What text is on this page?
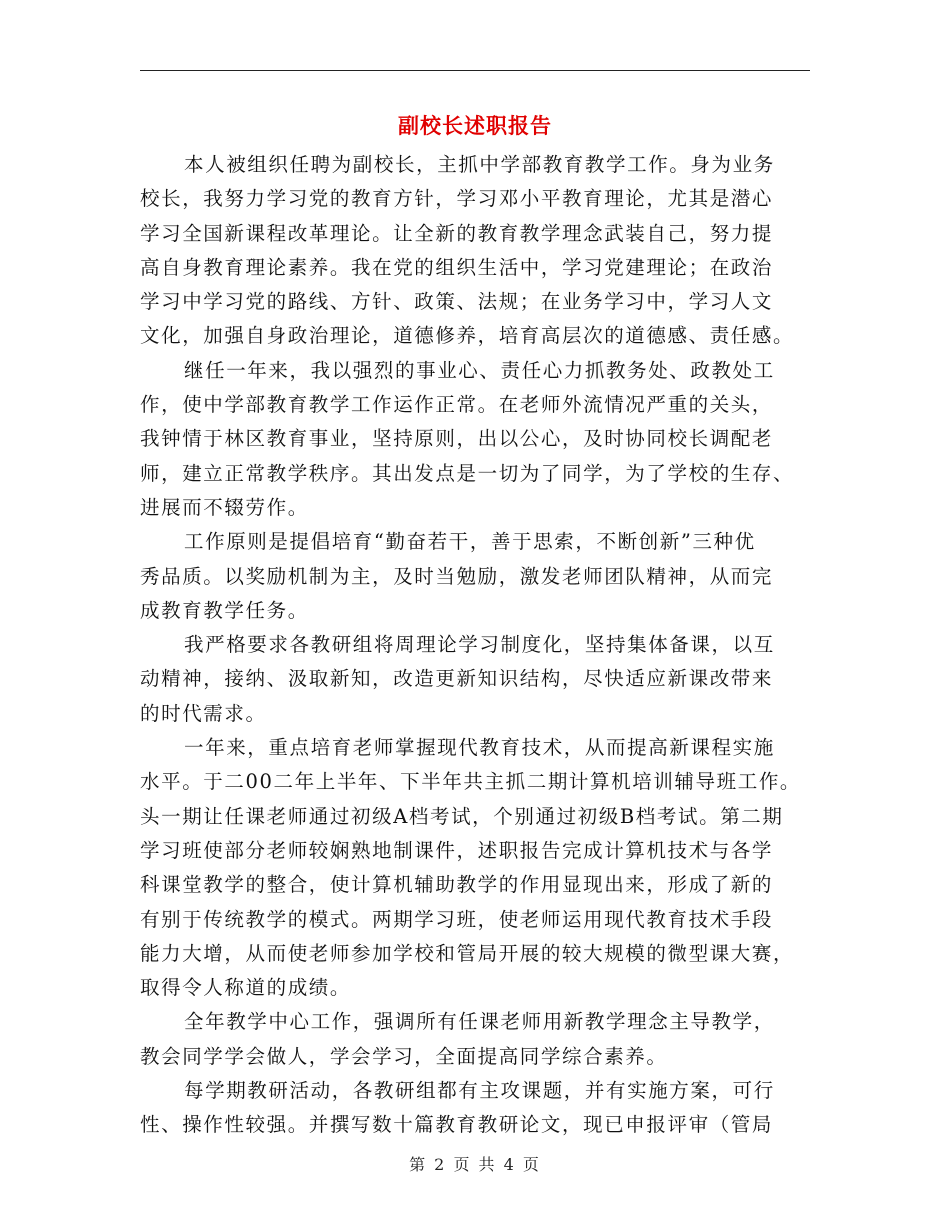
副校长述职报告
本人被组织任聘为副校长，主抓中学部教育教学工作。身为业务
校长，我努力学习党的教育方针，学习邓小平教育理论，尤其是潜心
学习全国新课程改革理论。让全新的教育教学理念武装自己，努力提
高自身教育理论素养。我在党的组织生活中，学习党建理论；在政治
学习中学习党的路线、方针、政策、法规；在业务学习中，学习人文
文化，加强自身政治理论，道德修养，培育高层次的道德感、责任感。
继任一年来，我以强烈的事业心、责任心力抓教务处、政教处工
作，使中学部教育教学工作运作正常。在老师外流情况严重的关头，
我钟情于林区教育事业，坚持原则，出以公心，及时协同校长调配老
师，建立正常教学秩序。其出发点是一切为了同学，为了学校的生存、
进展而不辍劳作。
工作原则是提倡培育“勤奋若干，善于思索，不断创新”三种优
秀品质。以奖励机制为主，及时当勉励，激发老师团队精神，从而完
成教育教学任务。
我严格要求各教研组将周理论学习制度化，坚持集体备课，以互
动精神，接纳、汲取新知，改造更新知识结构，尽快适应新课改带来
的时代需求。
一年来，重点培育老师掌握现代教育技术，从而提高新课程实施
水平。于二00二年上半年、下半年共主抓二期计算机培训辅导班工作。
头一期让任课老师通过初级A档考试，个别通过初级B档考试。第二期
学习班使部分老师较娴熟地制课件，述职报告完成计算机技术与各学
科课堂教学的整合，使计算机辅助教学的作用显现出来，形成了新的
有别于传统教学的模式。两期学习班，使老师运用现代教育技术手段
能力大增，从而使老师参加学校和管局开展的较大规模的微型课大赛，
取得令人称道的成绩。
全年教学中心工作，强调所有任课老师用新教学理念主导教学，
教会同学学会做人，学会学习，全面提高同学综合素养。
每学期教研活动，各教研组都有主攻课题，并有实施方案，可行
性、操作性较强。并撰写数十篇教育教研论文，现已申报评审（管局
第 2 页 共 4 页
